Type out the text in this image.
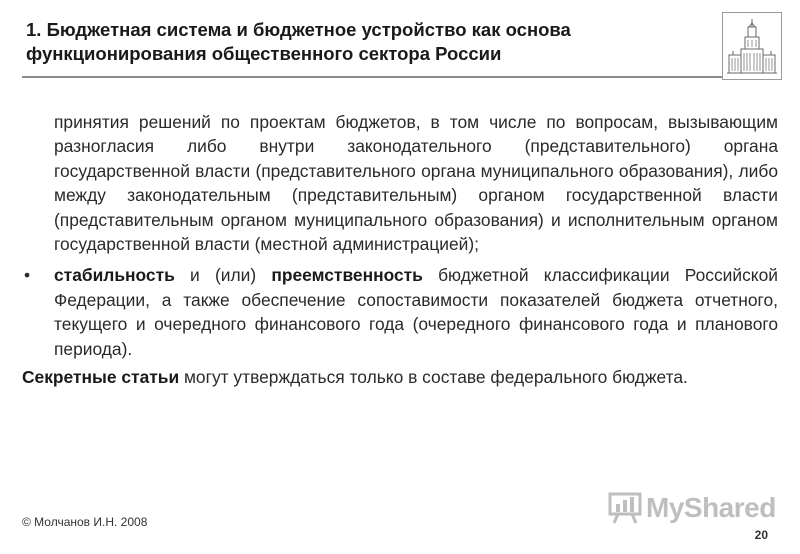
1. Бюджетная система и бюджетное устройство как основа
функционирования общественного сектора России

принятия решений по проектам бюджетов, в том числе по вопросам, вызывающим разногласия либо внутри законодательного (представительного) органа государственной власти (представительного органа муниципального образования), либо между законодательным (представительным) органом государственной власти (представительным органом муниципального образования) и исполнительным органом государственной власти (местной администрацией);

•	стабильность и (или) преемственность бюджетной классификации Российской Федерации, а также обеспечение сопоставимости показателей бюджета отчетного, текущего и очередного финансового года (очередного финансового года и планового периода).

Секретные статьи могут утверждаться только в составе федерального бюджета.

MyShared
© Молчанов И.Н. 2008
20
